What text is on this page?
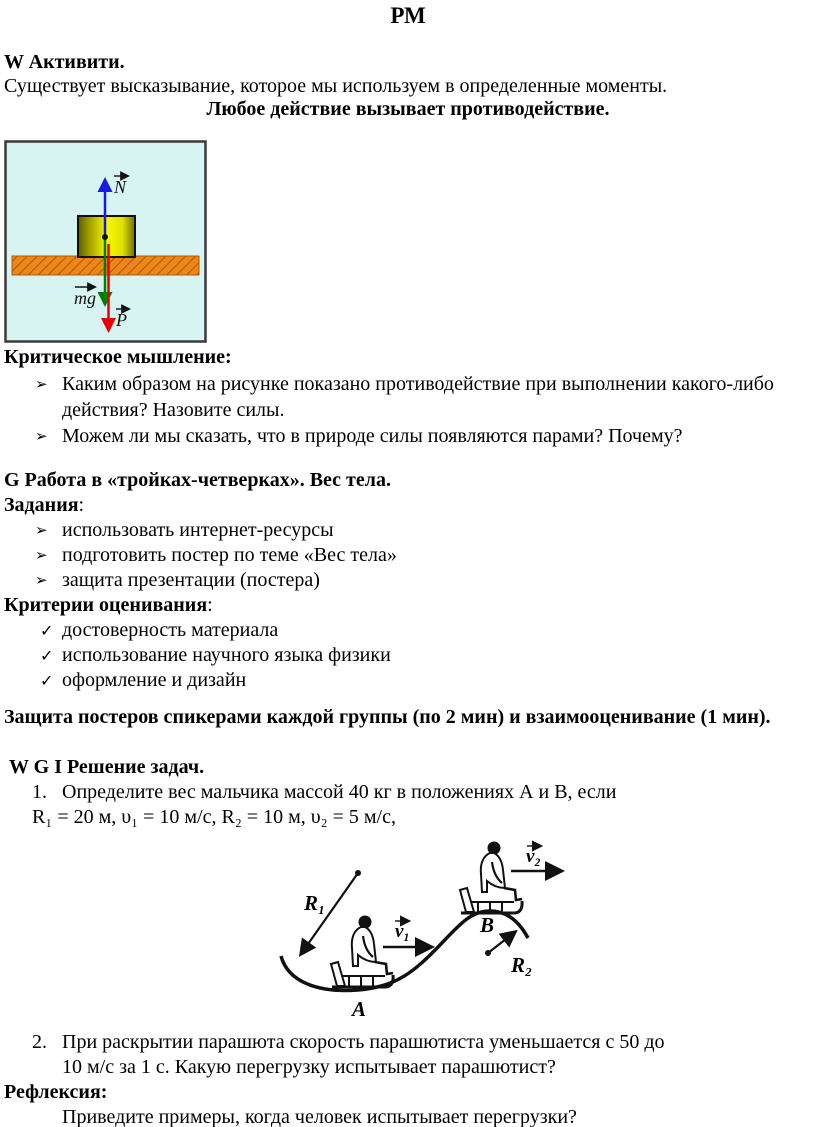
РМ

W Активити.

Существует высказывание, которое мы используем в определенные моменты.

Любое действие вызывает противодействие.

N
mg
P

Критическое мышление:

➢ Каким образом на рисунке показано противодействие при выполнении какого-либо
действия? Назовите силы.
➢ Можем ли мы сказать, что в природе силы появляются парами? Почему?

G Работа в «тройках-четверках». Вес тела.

Задания:

➢ использовать интернет-ресурсы
➢ подготовить постер по теме «Вес тела»
➢ защита презентации (постера)

Критерии оценивания:

✓ достоверность материала
✓ использование научного языка физики
✓ оформление и дизайн

Защита постеров спикерами каждой группы (по 2 мин) и взаимооценивание (1 мин).

W G I Решение задач.

1. Определите вес мальчика массой 40 кг в положениях А и В, если
R₁ = 20 м, υ₁ = 10 м/с, R₂ = 10 м, υ₂ = 5 м/с,
R₁
v₁
v₂
B
R₂
A
2. При раскрытии парашюта скорость парашютиста уменьшается с 50 до
10 м/с за 1 с. Какую перегрузку испытывает парашютист?

Рефлексия:

Приведите примеры, когда человек испытывает перегрузки?
